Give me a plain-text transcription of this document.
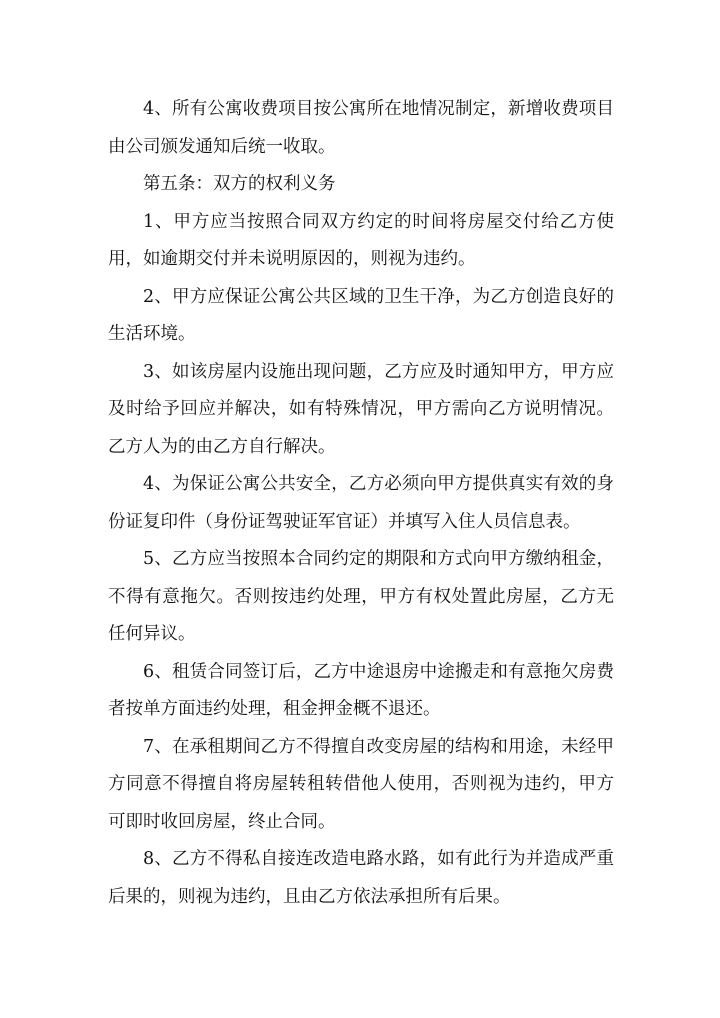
4、所有公寓收费项目按公寓所在地情况制定，新增收费项目由公司颁发通知后统一收取。

第五条：双方的权利义务

1、甲方应当按照合同双方约定的时间将房屋交付给乙方使用，如逾期交付并未说明原因的，则视为违约。

2、甲方应保证公寓公共区域的卫生干净，为乙方创造良好的生活环境。

3、如该房屋内设施出现问题，乙方应及时通知甲方，甲方应及时给予回应并解决，如有特殊情况，甲方需向乙方说明情况。乙方人为的由乙方自行解决。

4、为保证公寓公共安全，乙方必须向甲方提供真实有效的身份证复印件（身份证驾驶证军官证）并填写入住人员信息表。

5、乙方应当按照本合同约定的期限和方式向甲方缴纳租金，不得有意拖欠。否则按违约处理，甲方有权处置此房屋，乙方无任何异议。

6、租赁合同签订后，乙方中途退房中途搬走和有意拖欠房费者按单方面违约处理，租金押金概不退还。

7、在承租期间乙方不得擅自改变房屋的结构和用途，未经甲方同意不得擅自将房屋转租转借他人使用，否则视为违约，甲方可即时收回房屋，终止合同。

8、乙方不得私自接连改造电路水路，如有此行为并造成严重后果的，则视为违约，且由乙方依法承担所有后果。
